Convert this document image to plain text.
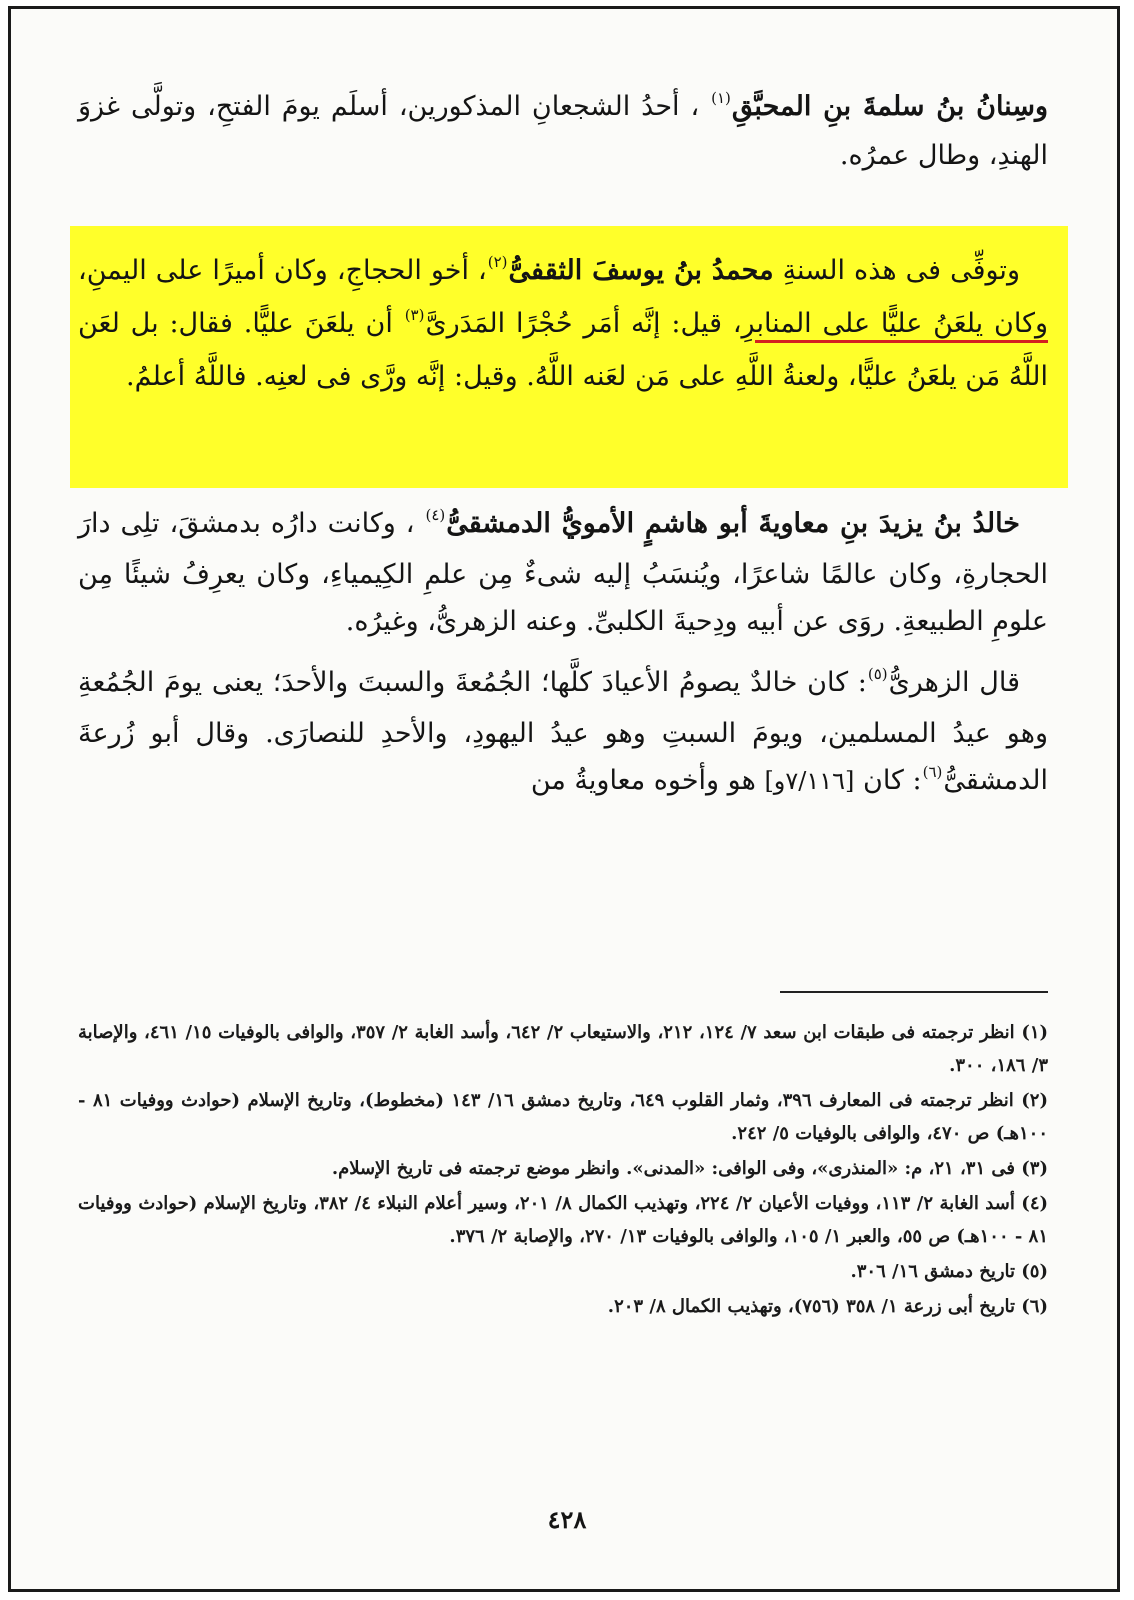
وسِنانُ بنُ سلمةَ بنِ المحبَّقِ$^{(١)}$ ، أحدُ الشجعانِ المذكورين، أسلَم يومَ الفتحِ، وتولَّى غزوَ الهندِ، وطال عمرُه.

وتوفِّى فى هذه السنةِ محمدُ بنُ يوسفَ الثقفىُّ$^{(٢)}$، أخو الحجاجِ، وكان أميرًا على اليمنِ، وكان يلعَنُ عليًّا على المنابرِ، قيل: إنَّه أمَر حُجْرًا المَدَرىَّ$^{(٣)}$ أن يلعَنَ عليًّا. فقال: بل لعَن اللَّهُ مَن يلعَنُ عليًّا، ولعنةُ اللَّهِ على مَن لعَنه اللَّهُ. وقيل: إنَّه ورَّى فى لعنِه. فاللَّهُ أعلمُ.

خالدُ بنُ يزيدَ بنِ معاويةَ أبو هاشمٍ الأمويُّ الدمشقىُّ$^{(٤)}$ ، وكانت دارُه بدمشقَ، تلِى دارَ الحجارةِ، وكان عالمًا شاعرًا، ويُنسَبُ إليه شىءٌ مِن علمِ الكِيمياءِ، وكان يعرِفُ شيئًا مِن علومِ الطبيعةِ. روَى عن أبيه ودِحيةَ الكلبىِّ. وعنه الزهرىُّ، وغيرُه.

قال الزهرىُّ$^{(٥)}$: كان خالدٌ يصومُ الأعيادَ كلَّها؛ الجُمُعةَ والسبتَ والأحدَ؛ يعنى يومَ الجُمُعةِ وهو عيدُ المسلمين، ويومَ السبتِ وهو عيدُ اليهودِ، والأحدِ للنصارَى. وقال أبو زُرعةَ الدمشقىُّ$^{(٦)}$: كان [٧/١١٦و] هو وأخوه معاويةُ من

(١) انظر ترجمته فى طبقات ابن سعد ٧/ ١٢٤، ٢١٢، والاستيعاب ٢/ ٦٤٢، وأسد الغابة ٢/ ٣٥٧، والوافى بالوفيات ١٥/ ٤٦١، والإصابة ٣/ ١٨٦، ٣٠٠.

(٢) انظر ترجمته فى المعارف ٣٩٦، وثمار القلوب ٦٤٩، وتاريخ دمشق ١٦/ ١٤٣ (مخطوط)، وتاريخ الإسلام (حوادث ووفيات ٨١ - ١٠٠هـ) ص ٤٧٠، والوافى بالوفيات ٥/ ٢٤٢.

(٣) فى ٣١، ٢١، م: «المنذرى»، وفى الوافى: «المدنى». وانظر موضع ترجمته فى تاريخ الإسلام.

(٤) أسد الغابة ٢/ ١١٣، ووفيات الأعيان ٢/ ٢٢٤، وتهذيب الكمال ٨/ ٢٠١، وسير أعلام النبلاء ٤/ ٣٨٢، وتاريخ الإسلام (حوادث ووفيات ٨١ - ١٠٠هـ) ص ٥٥، والعبر ١/ ١٠٥، والوافى بالوفيات ١٣/ ٢٧٠، والإصابة ٢/ ٣٧٦.

(٥) تاريخ دمشق ١٦/ ٣٠٦.

(٦) تاريخ أبى زرعة ١/ ٣٥٨ (٧٥٦)، وتهذيب الكمال ٨/ ٢٠٣.

٤٢٨
